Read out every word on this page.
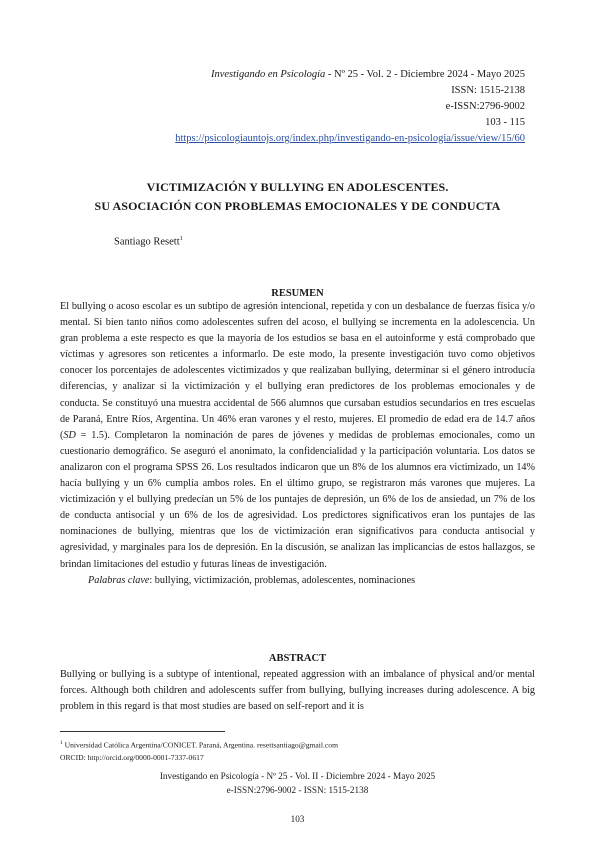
Investigando en Psicología - Nº 25 - Vol. 2 - Diciembre 2024 - Mayo 2025
ISSN: 1515-2138
e-ISSN:2796-9002
103 - 115
https://psicologiauntojs.org/index.php/investigando-en-psicologia/issue/view/15/60
VICTIMIZACIÓN Y BULLYING EN ADOLESCENTES.
SU ASOCIACIÓN CON PROBLEMAS EMOCIONALES Y DE CONDUCTA
Santiago Resett$^1$
RESUMEN

El bullying o acoso escolar es un subtipo de agresión intencional, repetida y con un desbalance de fuerzas física y/o mental. Si bien tanto niños como adolescentes sufren del acoso, el bullying se incrementa en la adolescencia. Un gran problema a este respecto es que la mayoría de los estudios se basa en el autoinforme y está comprobado que víctimas y agresores son reticentes a informarlo. De este modo, la presente investigación tuvo como objetivos conocer los porcentajes de adolescentes victimizados y que realizaban bullying, determinar si el género introducía diferencias, y analizar si la victimización y el bullying eran predictores de los problemas emocionales y de conducta. Se constituyó una muestra accidental de 566 alumnos que cursaban estudios secundarios en tres escuelas de Paraná, Entre Ríos, Argentina. Un 46% eran varones y el resto, mujeres. El promedio de edad era de 14.7 años (SD = 1.5). Completaron la nominación de pares de jóvenes y medidas de problemas emocionales, como un cuestionario demográfico. Se aseguró el anonimato, la confidencialidad y la participación voluntaria. Los datos se analizaron con el programa SPSS 26. Los resultados indicaron que un 8% de los alumnos era victimizado, un 14% hacía bullying y un 6% cumplía ambos roles. En el último grupo, se registraron más varones que mujeres. La victimización y el bullying predecían un 5% de los puntajes de depresión, un 6% de los de ansiedad, un 7% de los de conducta antisocial y un 6% de los de agresividad. Los predictores significativos eran los puntajes de las nominaciones de bullying, mientras que los de victimización eran significativos para conducta antisocial y agresividad, y marginales para los de depresión. En la discusión, se analizan las implicancias de estos hallazgos, se brindan limitaciones del estudio y futuras líneas de investigación.

Palabras clave: bullying, victimización, problemas, adolescentes, nominaciones

ABSTRACT

Bullying or bullying is a subtype of intentional, repeated aggression with an imbalance of physical and/or mental forces. Although both children and adolescents suffer from bullying, bullying increases during adolescence. A big problem in this regard is that most studies are based on self-report and it is

$^1$ Universidad Católica Argentina/CONICET. Paraná, Argentina. resettsantiago@gmail.com
ORCID: http://orcid.org/0000-0001-7337-0617
Investigando en Psicología - Nº 25 - Vol. II - Diciembre 2024 - Mayo 2025
e-ISSN:2796-9002 - ISSN: 1515-2138
103
